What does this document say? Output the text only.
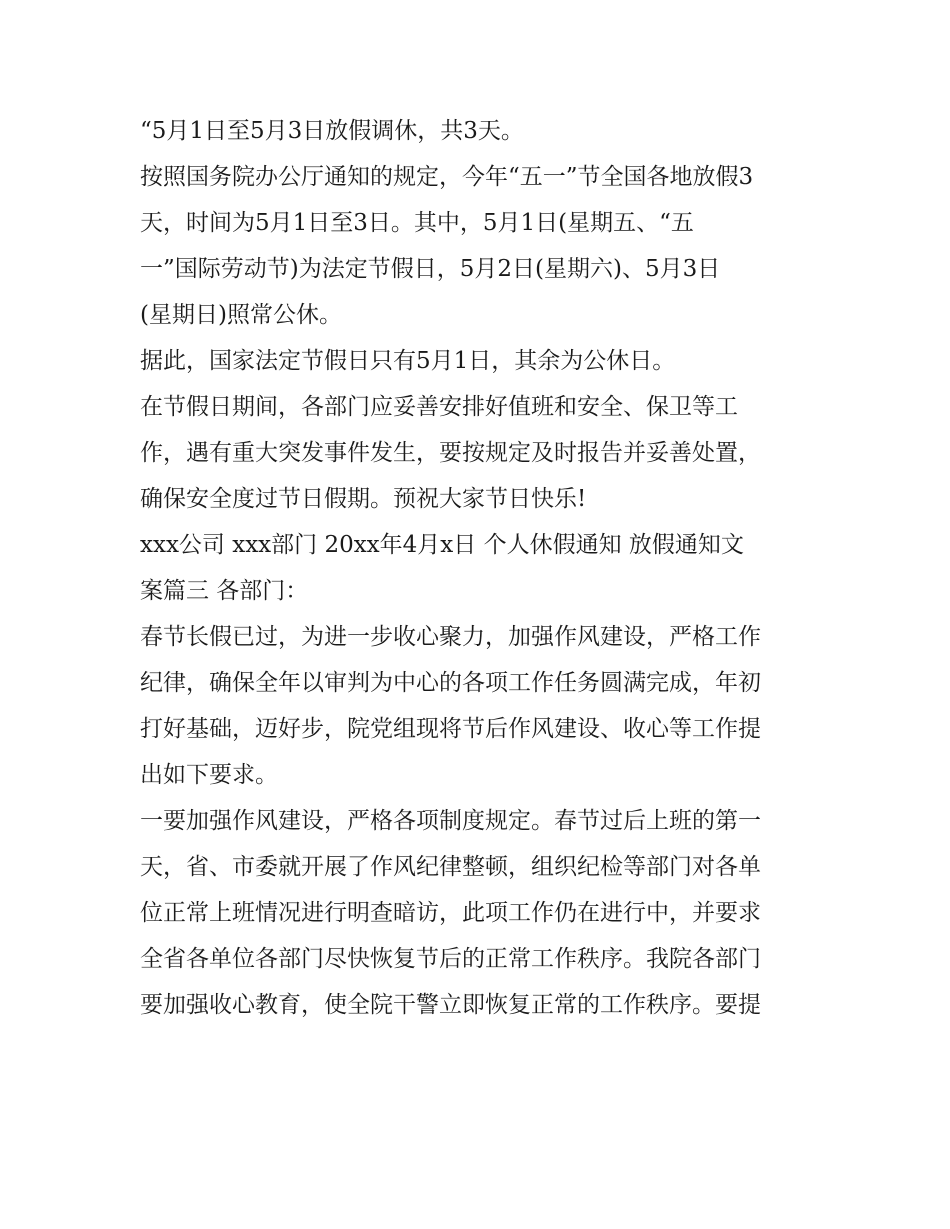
“5月1日至5月3日放假调休，共3天。
按照国务院办公厅通知的规定，今年“五一”节全国各地放假3
天，时间为5月1日至3日。其中，5月1日(星期五、“五
一”国际劳动节)为法定节假日，5月2日(星期六)、5月3日
(星期日)照常公休。
据此，国家法定节假日只有5月1日，其余为公休日。
在节假日期间，各部门应妥善安排好值班和安全、保卫等工
作，遇有重大突发事件发生，要按规定及时报告并妥善处置，
确保安全度过节日假期。预祝大家节日快乐!
xxx公司 xxx部门 20xx年4月x日 个人休假通知 放假通知文
案篇三 各部门：
春节长假已过，为进一步收心聚力，加强作风建设，严格工作
纪律，确保全年以审判为中心的各项工作任务圆满完成，年初
打好基础，迈好步，院党组现将节后作风建设、收心等工作提
出如下要求。
一要加强作风建设，严格各项制度规定。春节过后上班的第一
天，省、市委就开展了作风纪律整顿，组织纪检等部门对各单
位正常上班情况进行明查暗访，此项工作仍在进行中，并要求
全省各单位各部门尽快恢复节后的正常工作秩序。我院各部门
要加强收心教育，使全院干警立即恢复正常的工作秩序。要提
